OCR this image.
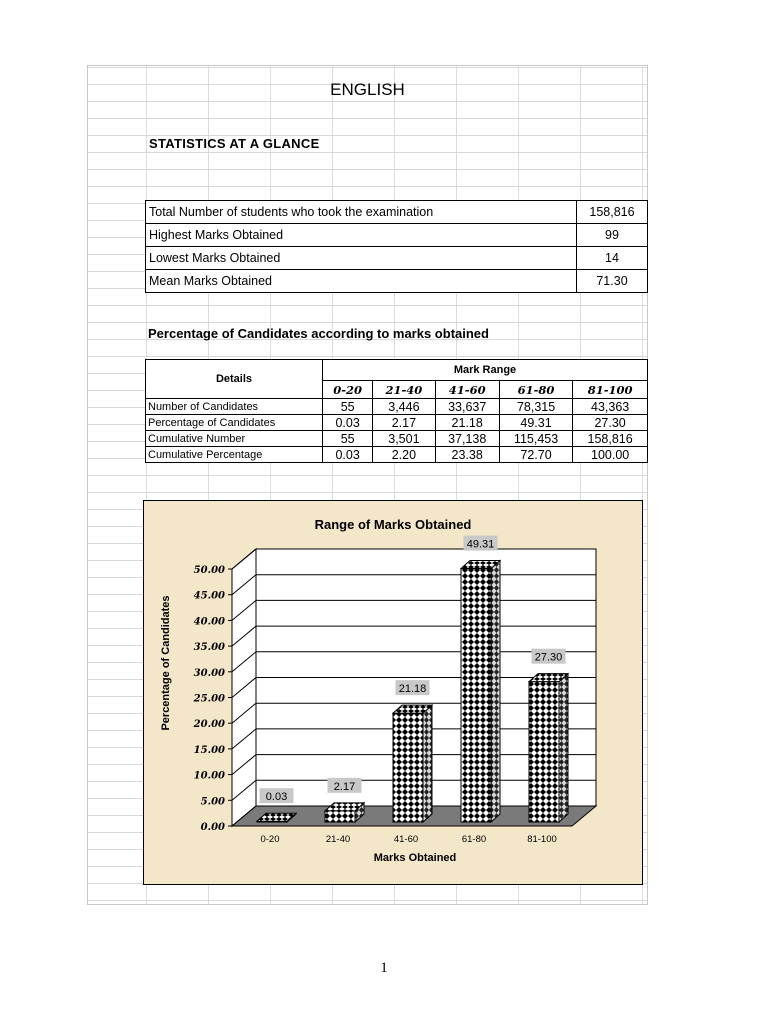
ENGLISH
STATISTICS AT A GLANCE
Total Number of students who took the examination	158,816
Highest Marks Obtained	99
Lowest Marks Obtained	14
Mean Marks Obtained	71.30
Percentage of Candidates according to marks obtained
Details	Mark Range				
	0-20	21-40	41-60	61-80	81-100
Number of Candidates	55	3,446	33,637	78,315	43,363
Percentage of Candidates	0.03	2.17	21.18	49.31	27.30
Cumulative Number	55	3,501	37,138	115,453	158,816
Cumulative Percentage	0.03	2.20	23.38	72.70	100.00
Range of Marks Obtained
0.00
5.00
10.00
15.00
20.00
25.00
30.00
35.00
40.00
45.00
50.00
0.03
0-20
2.17
21-40
21.18
41-60
49.31
61-80
27.30
81-100
Marks Obtained
Percentage of Candidates
1
